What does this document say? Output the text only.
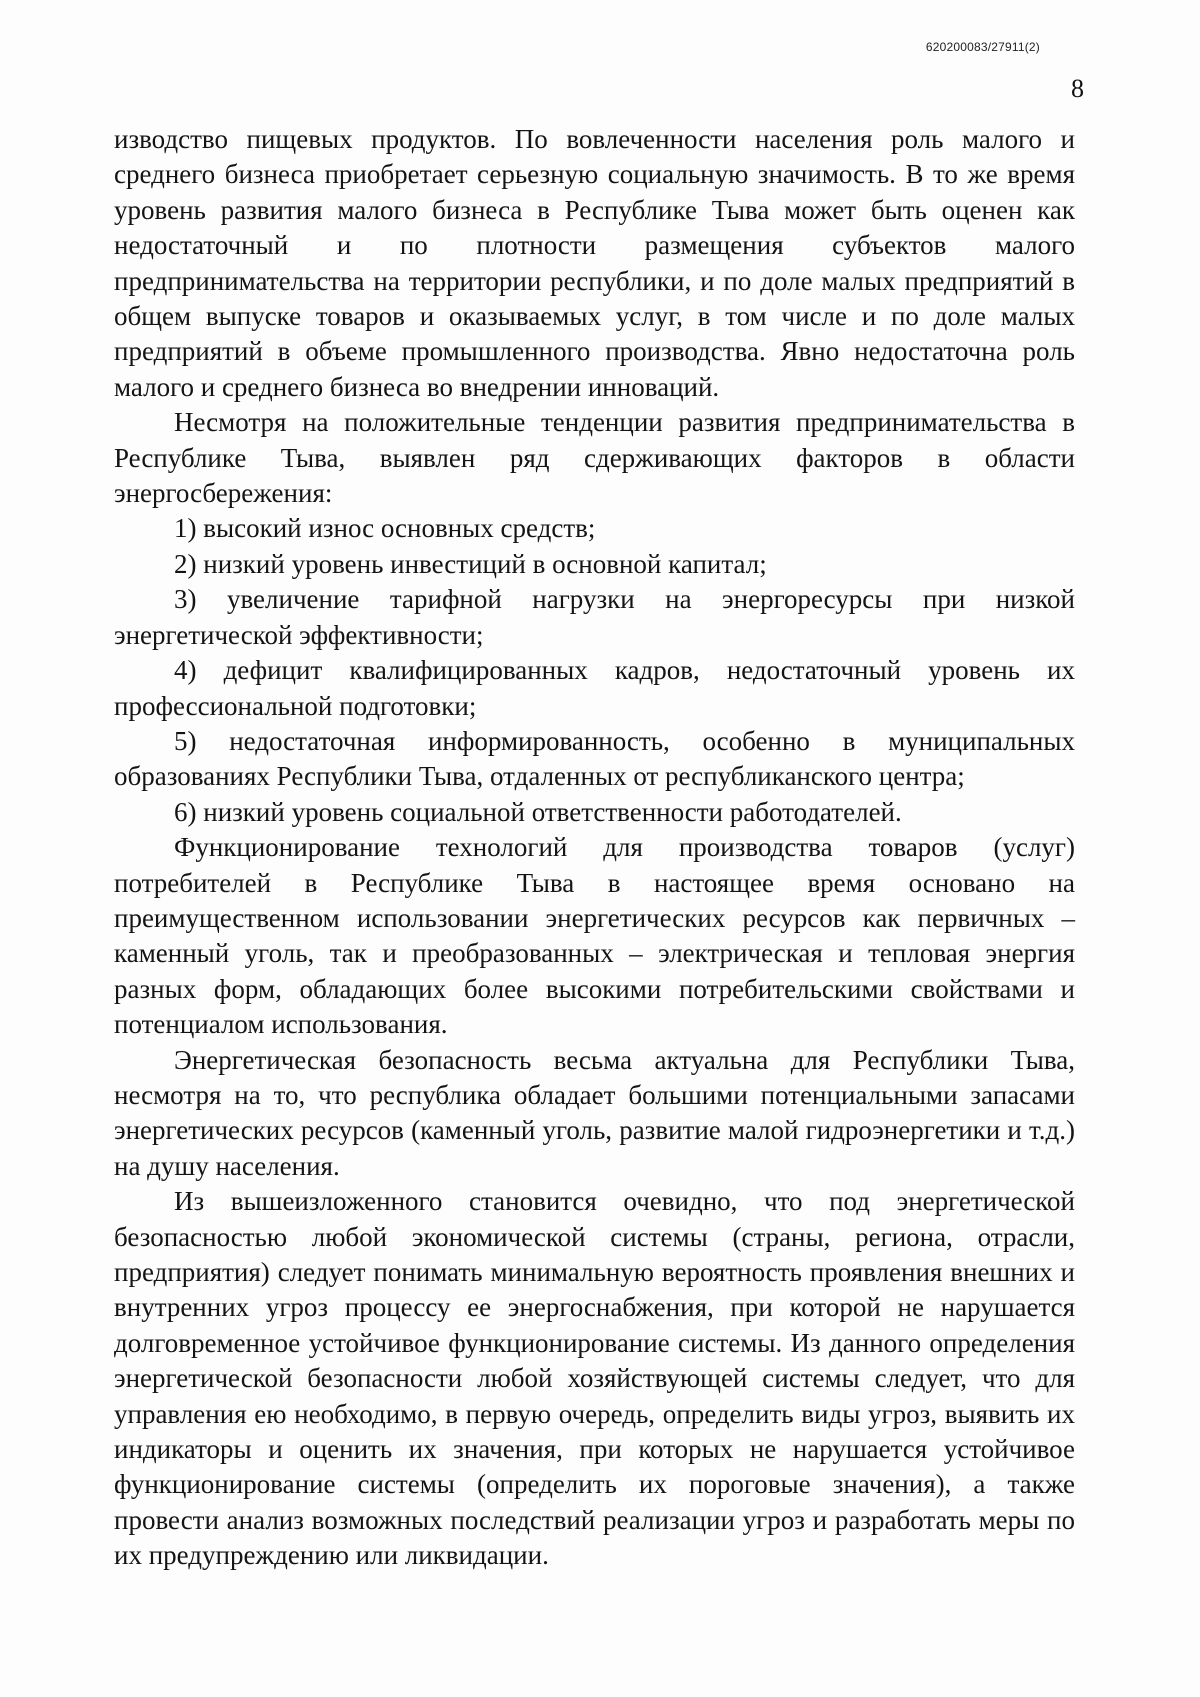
620200083/27911(2)
8

изводство пищевых продуктов. По вовлеченности населения роль малого и среднего бизнеса приобретает серьезную социальную значимость. В то же время уровень развития малого бизнеса в Республике Тыва может быть оценен как недостаточный и по плотности размещения субъектов малого предпринимательства на территории республики, и по доле малых предприятий в общем выпуске товаров и оказываемых услуг, в том числе и по доле малых предприятий в объеме промышленного производства. Явно недостаточна роль малого и среднего бизнеса во внедрении инноваций.

Несмотря на положительные тенденции развития предпринимательства в Республике Тыва, выявлен ряд сдерживающих факторов в области энергосбережения:

1) высокий износ основных средств;

2) низкий уровень инвестиций в основной капитал;

3) увеличение тарифной нагрузки на энергоресурсы при низкой энергетической эффективности;

4) дефицит квалифицированных кадров, недостаточный уровень их профессиональной подготовки;

5) недостаточная информированность, особенно в муниципальных образованиях Республики Тыва, отдаленных от республиканского центра;

6) низкий уровень социальной ответственности работодателей.

Функционирование технологий для производства товаров (услуг) потребителей в Республике Тыва в настоящее время основано на преимущественном использовании энергетических ресурсов как первичных – каменный уголь, так и преобразованных – электрическая и тепловая энергия разных форм, обладающих более высокими потребительскими свойствами и потенциалом использования.

Энергетическая безопасность весьма актуальна для Республики Тыва, несмотря на то, что республика обладает большими потенциальными запасами энергетических ресурсов (каменный уголь, развитие малой гидроэнергетики и т.д.) на душу населения.

Из вышеизложенного становится очевидно, что под энергетической безопасностью любой экономической системы (страны, региона, отрасли, предприятия) следует понимать минимальную вероятность проявления внешних и внутренних угроз процессу ее энергоснабжения, при которой не нарушается долговременное устойчивое функционирование системы. Из данного определения энергетической безопасности любой хозяйствующей системы следует, что для управления ею необходимо, в первую очередь, определить виды угроз, выявить их индикаторы и оценить их значения, при которых не нарушается устойчивое функционирование системы (определить их пороговые значения), а также провести анализ возможных последствий реализации угроз и разработать меры по их предупреждению или ликвидации.
